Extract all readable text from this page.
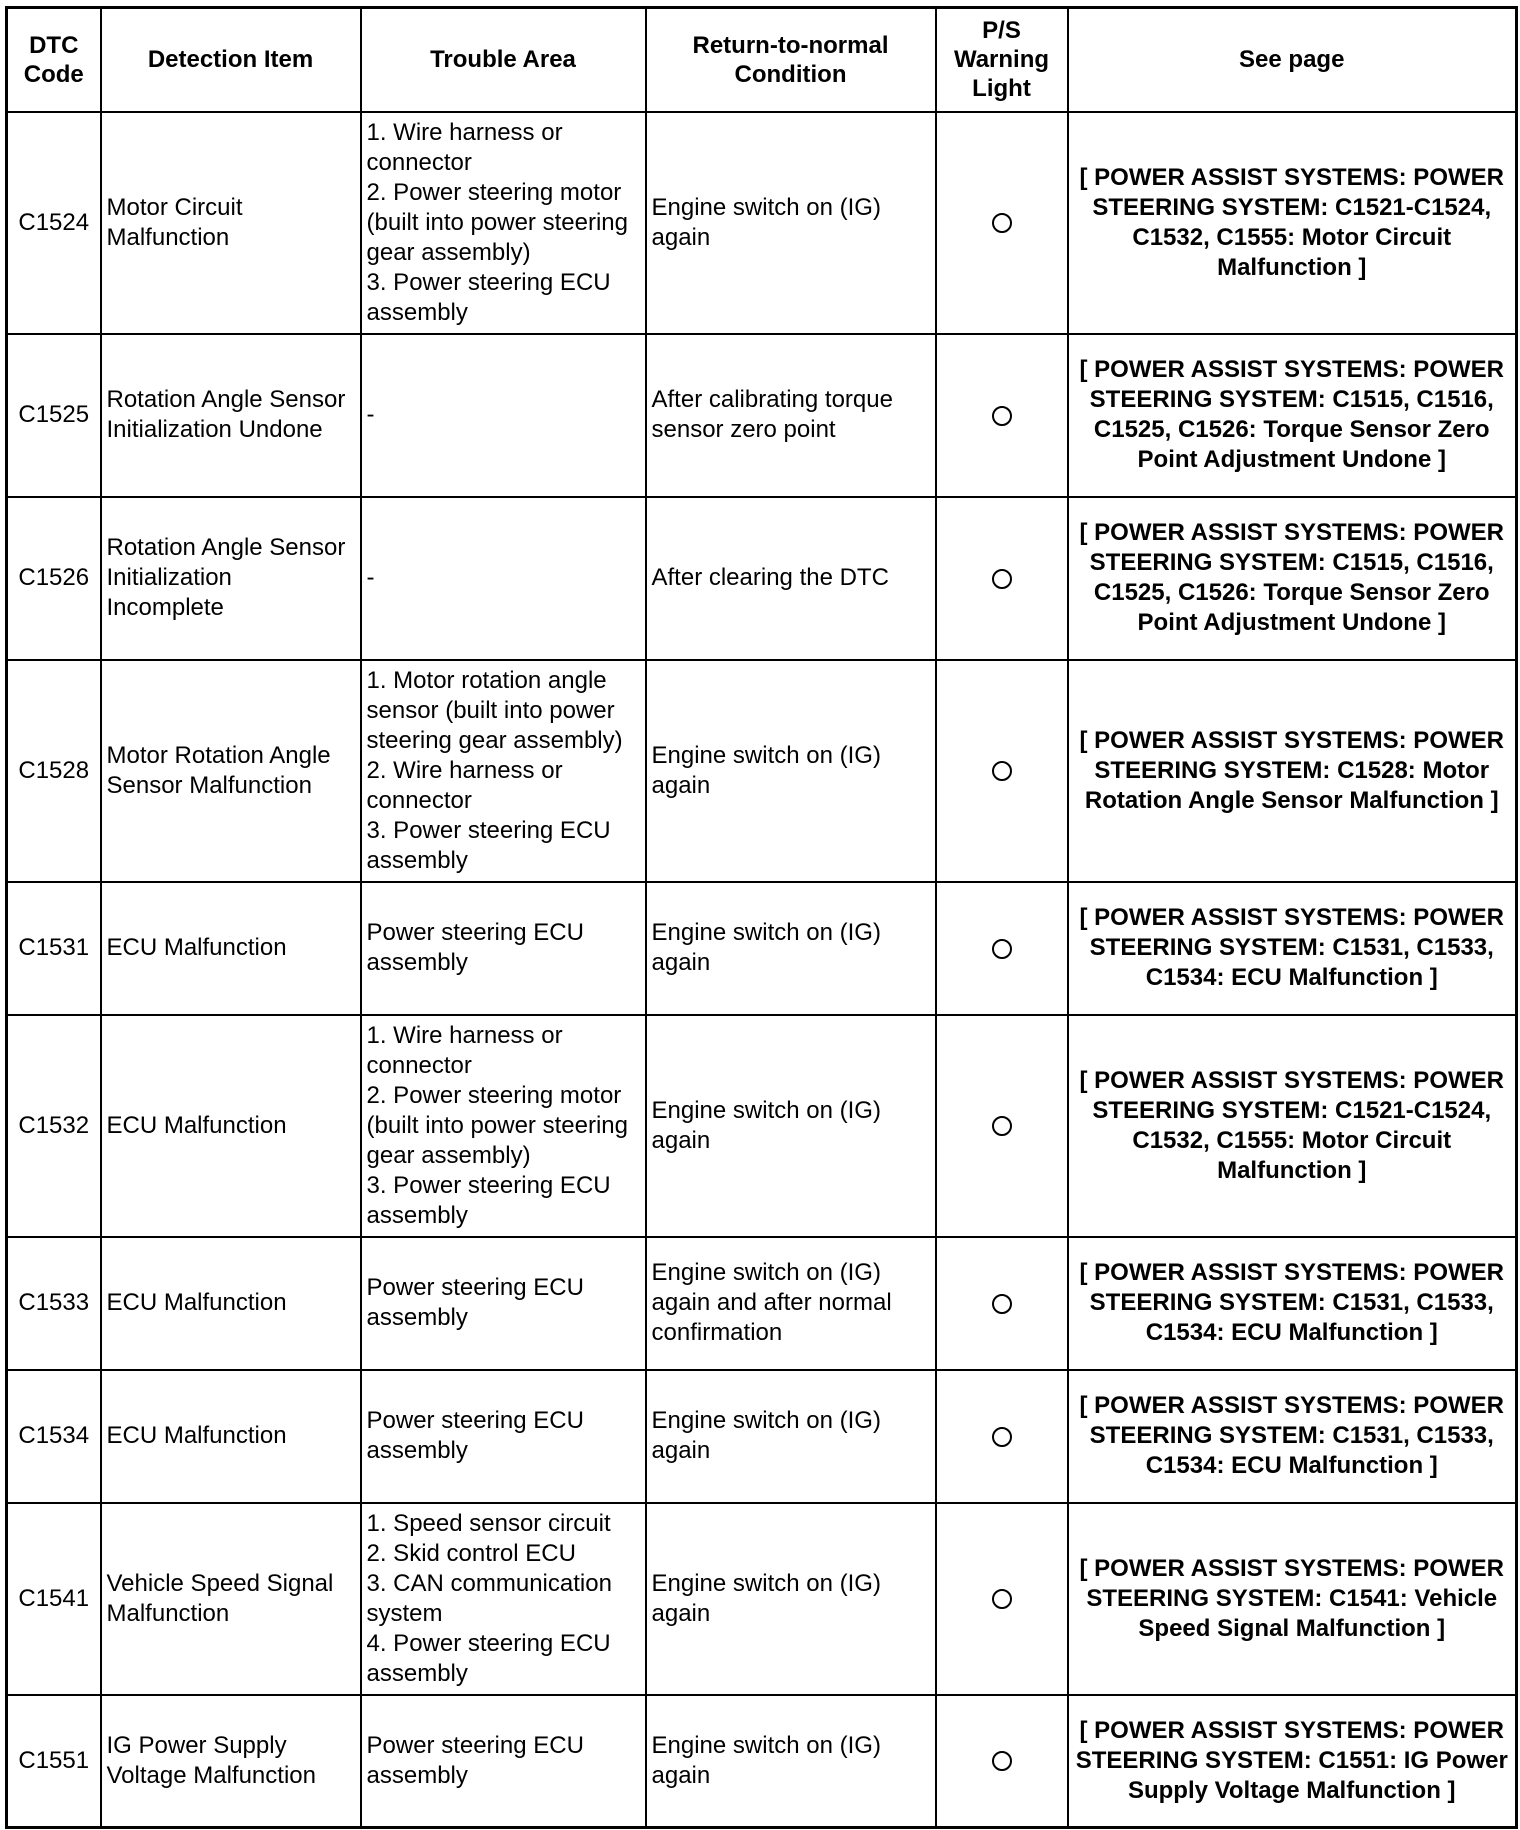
DTC Code	Detection Item	Trouble Area	Return-to-normal Condition	P/S Warning Light	See page
C1524	Motor Circuit Malfunction	1. Wire harness or connector
2. Power steering motor (built into power steering gear assembly)
3. Power steering ECU assembly	Engine switch on (IG) again		[ POWER ASSIST SYSTEMS: POWER STEERING SYSTEM: C1521-C1524, C1532, C1555: Motor Circuit Malfunction ]
C1525	Rotation Angle Sensor Initialization Undone	-	After calibrating torque sensor zero point		[ POWER ASSIST SYSTEMS: POWER STEERING SYSTEM: C1515, C1516, C1525, C1526: Torque Sensor Zero Point Adjustment Undone ]
C1526	Rotation Angle Sensor Initialization Incomplete	-	After clearing the DTC		[ POWER ASSIST SYSTEMS: POWER STEERING SYSTEM: C1515, C1516, C1525, C1526: Torque Sensor Zero Point Adjustment Undone ]
C1528	Motor Rotation Angle Sensor Malfunction	1. Motor rotation angle sensor (built into power steering gear assembly)
2. Wire harness or connector
3. Power steering ECU assembly	Engine switch on (IG) again		[ POWER ASSIST SYSTEMS: POWER STEERING SYSTEM: C1528: Motor Rotation Angle Sensor Malfunction ]
C1531	ECU Malfunction	Power steering ECU assembly	Engine switch on (IG) again		[ POWER ASSIST SYSTEMS: POWER STEERING SYSTEM: C1531, C1533, C1534: ECU Malfunction ]
C1532	ECU Malfunction	1. Wire harness or connector
2. Power steering motor (built into power steering gear assembly)
3. Power steering ECU assembly	Engine switch on (IG) again		[ POWER ASSIST SYSTEMS: POWER STEERING SYSTEM: C1521-C1524, C1532, C1555: Motor Circuit Malfunction ]
C1533	ECU Malfunction	Power steering ECU assembly	Engine switch on (IG) again and after normal confirmation		[ POWER ASSIST SYSTEMS: POWER STEERING SYSTEM: C1531, C1533, C1534: ECU Malfunction ]
C1534	ECU Malfunction	Power steering ECU assembly	Engine switch on (IG) again		[ POWER ASSIST SYSTEMS: POWER STEERING SYSTEM: C1531, C1533, C1534: ECU Malfunction ]
C1541	Vehicle Speed Signal Malfunction	1. Speed sensor circuit
2. Skid control ECU
3. CAN communication system
4. Power steering ECU assembly	Engine switch on (IG) again		[ POWER ASSIST SYSTEMS: POWER STEERING SYSTEM: C1541: Vehicle Speed Signal Malfunction ]
C1551	IG Power Supply Voltage Malfunction	Power steering ECU assembly	Engine switch on (IG) again		[ POWER ASSIST SYSTEMS: POWER STEERING SYSTEM: C1551: IG Power Supply Voltage Malfunction ]
